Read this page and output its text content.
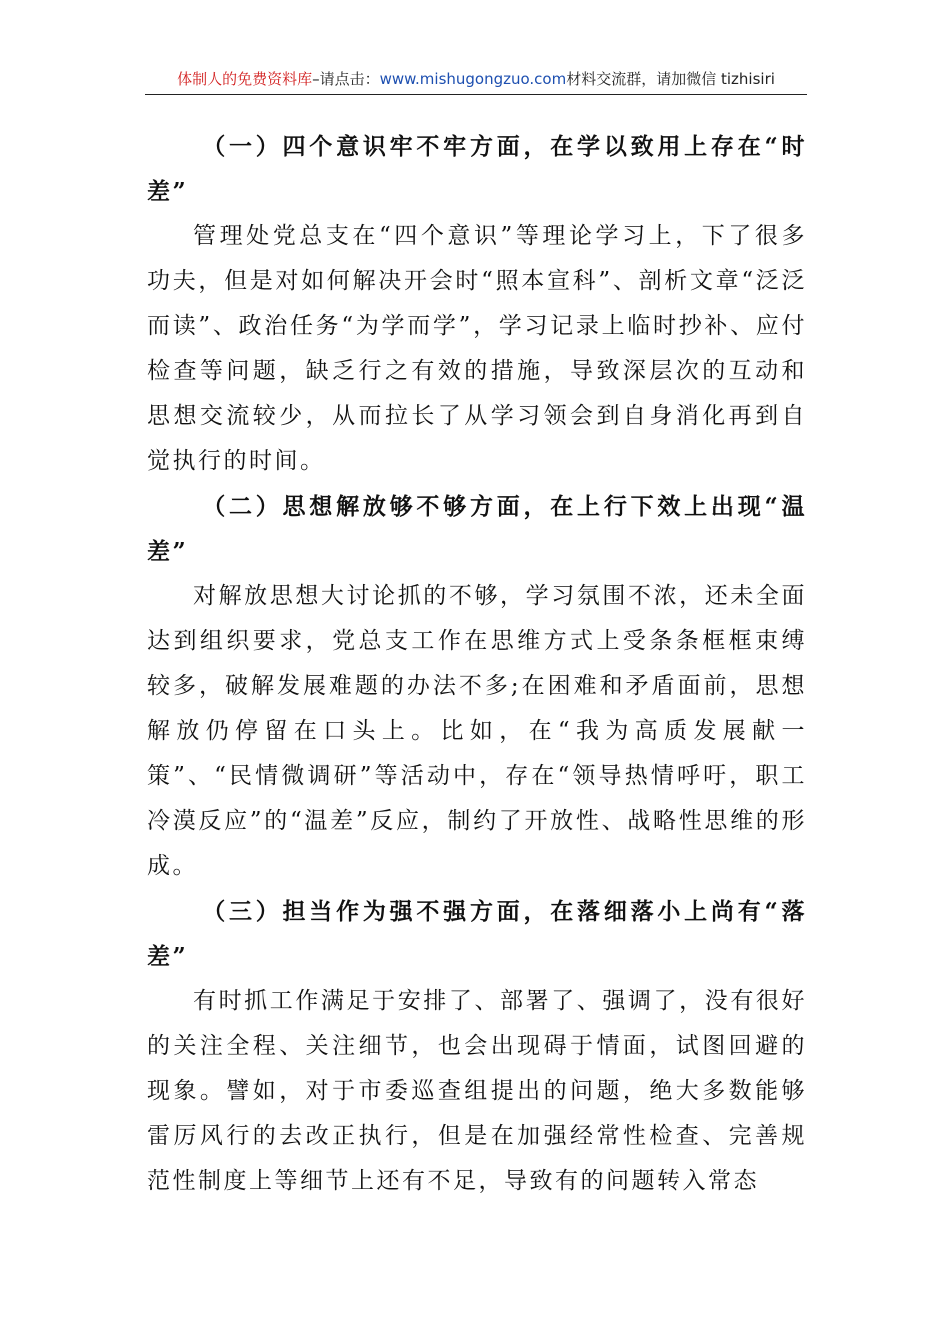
体制人的免费资料库–请点击：www.mishugongzuo.com材料交流群，请加微信 tizhisiri

（一）四个意识牢不牢方面，在学以致用上存在“时差”

管理处党总支在“四个意识”等理论学习上，下了很多功夫，但是对如何解决开会时“照本宣科”、剖析文章“泛泛而读”、政治任务“为学而学”，学习记录上临时抄补、应付检查等问题，缺乏行之有效的措施，导致深层次的互动和思想交流较少，从而拉长了从学习领会到自身消化再到自觉执行的时间。

（二）思想解放够不够方面，在上行下效上出现“温差”

对解放思想大讨论抓的不够，学习氛围不浓，还未全面达到组织要求，党总支工作在思维方式上受条条框框束缚较多，破解发展难题的办法不多;在困难和矛盾面前，思想解放仍停留在口头上。比如，在“我为高质发展献一策”、“民情微调研”等活动中，存在“领导热情呼吁，职工冷漠反应”的“温差”反应，制约了开放性、战略性思维的形成。

（三）担当作为强不强方面，在落细落小上尚有“落差”

有时抓工作满足于安排了、部署了、强调了，没有很好的关注全程、关注细节，也会出现碍于情面，试图回避的现象。譬如，对于市委巡查组提出的问题，绝大多数能够雷厉风行的去改正执行，但是在加强经常性检查、完善规范性制度上等细节上还有不足，导致有的问题转入常态
